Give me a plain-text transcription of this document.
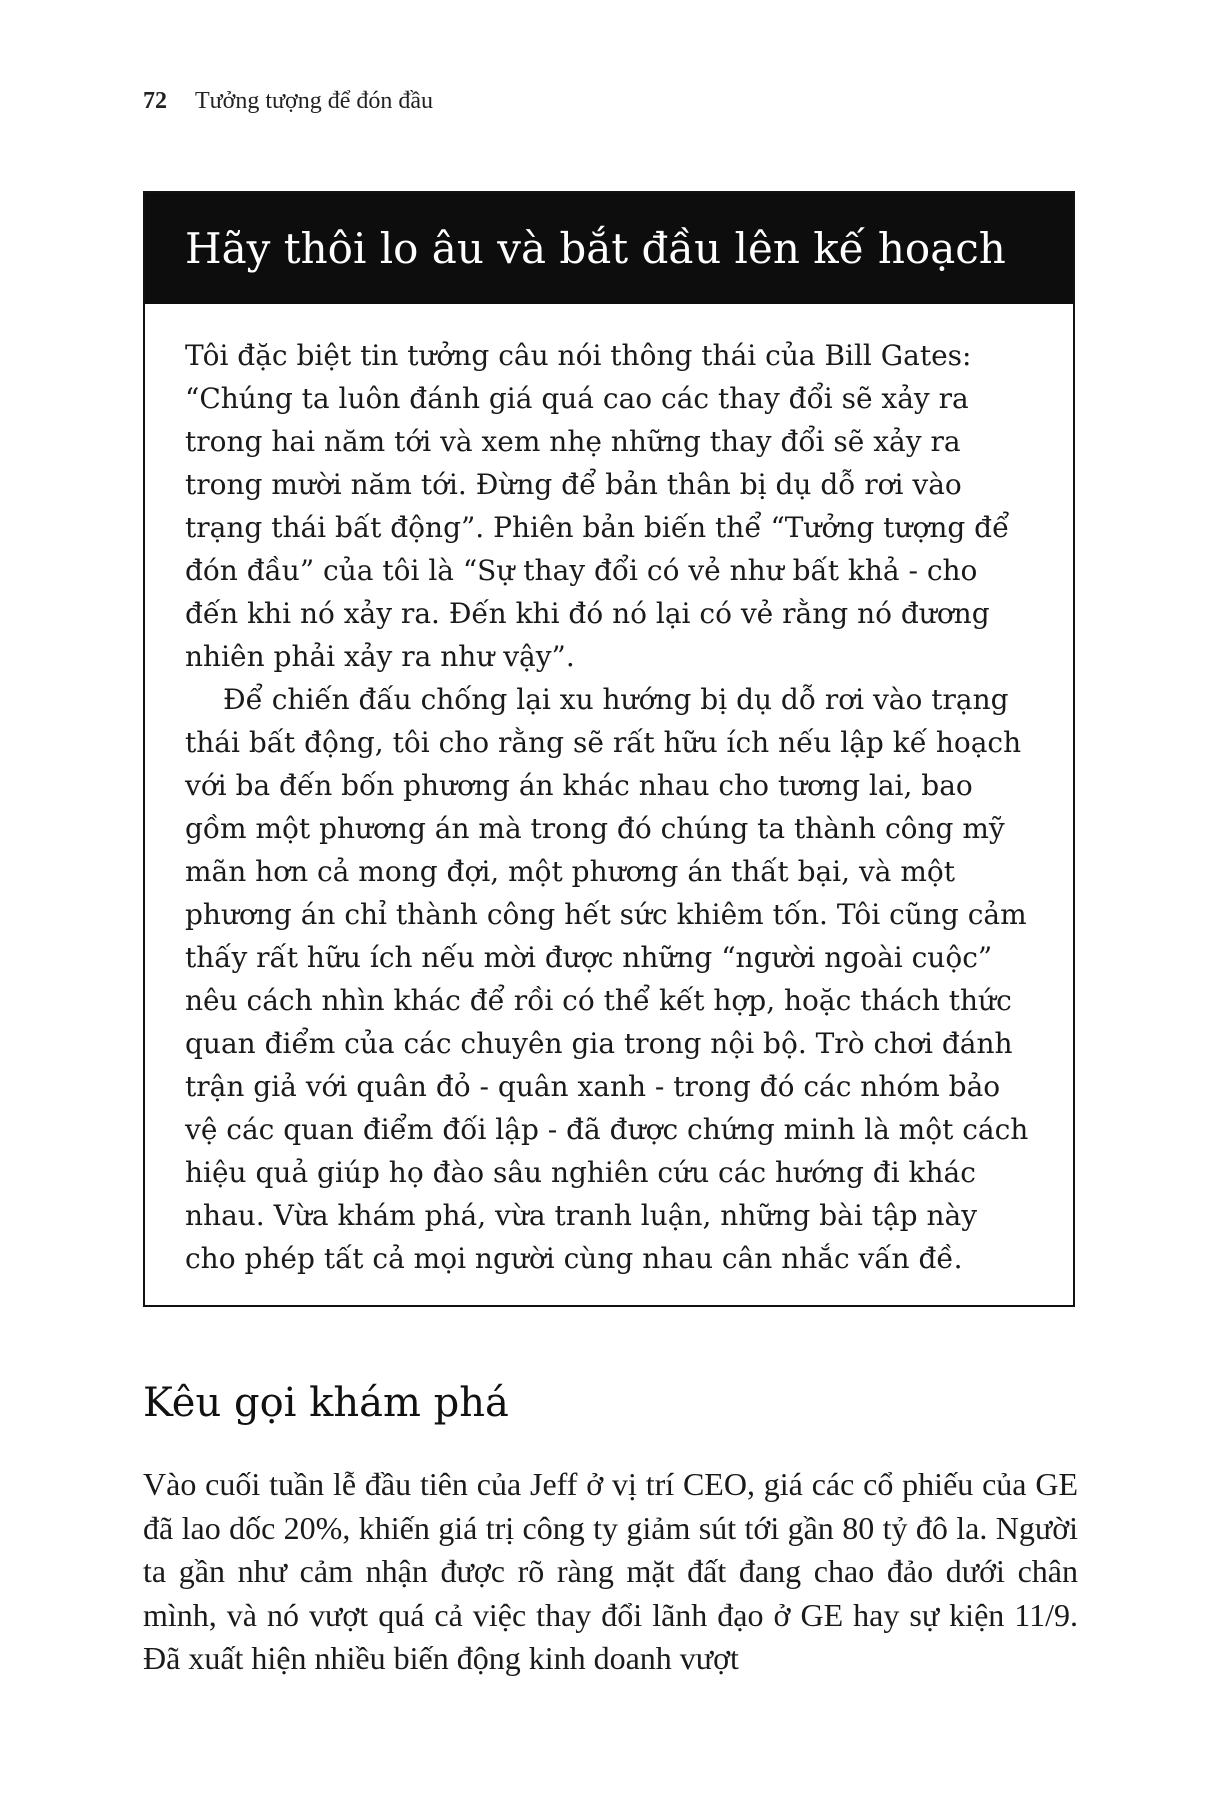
72 Tưởng tượng để đón đầu
Hãy thôi lo âu và bắt đầu lên kế hoạch

Tôi đặc biệt tin tưởng câu nói thông thái của Bill Gates: “Chúng ta luôn đánh giá quá cao các thay đổi sẽ xảy ra trong hai năm tới và xem nhẹ những thay đổi sẽ xảy ra trong mười năm tới. Đừng để bản thân bị dụ dỗ rơi vào trạng thái bất động”. Phiên bản biến thể “Tưởng tượng để đón đầu” của tôi là “Sự thay đổi có vẻ như bất khả - cho đến khi nó xảy ra. Đến khi đó nó lại có vẻ rằng nó đương nhiên phải xảy ra như vậy”.

Để chiến đấu chống lại xu hướng bị dụ dỗ rơi vào trạng thái bất động, tôi cho rằng sẽ rất hữu ích nếu lập kế hoạch với ba đến bốn phương án khác nhau cho tương lai, bao gồm một phương án mà trong đó chúng ta thành công mỹ mãn hơn cả mong đợi, một phương án thất bại, và một phương án chỉ thành công hết sức khiêm tốn. Tôi cũng cảm thấy rất hữu ích nếu mời được những “người ngoài cuộc” nêu cách nhìn khác để rồi có thể kết hợp, hoặc thách thức quan điểm của các chuyên gia trong nội bộ. Trò chơi đánh trận giả với quân đỏ - quân xanh - trong đó các nhóm bảo vệ các quan điểm đối lập - đã được chứng minh là một cách hiệu quả giúp họ đào sâu nghiên cứu các hướng đi khác nhau. Vừa khám phá, vừa tranh luận, những bài tập này cho phép tất cả mọi người cùng nhau cân nhắc vấn đề.

Kêu gọi khám phá

Vào cuối tuần lễ đầu tiên của Jeff ở vị trí CEO, giá các cổ phiếu của GE đã lao dốc 20%, khiến giá trị công ty giảm sút tới gần 80 tỷ đô la. Người ta gần như cảm nhận được rõ ràng mặt đất đang chao đảo dưới chân mình, và nó vượt quá cả việc thay đổi lãnh đạo ở GE hay sự kiện 11/9. Đã xuất hiện nhiều biến động kinh doanh vượt
